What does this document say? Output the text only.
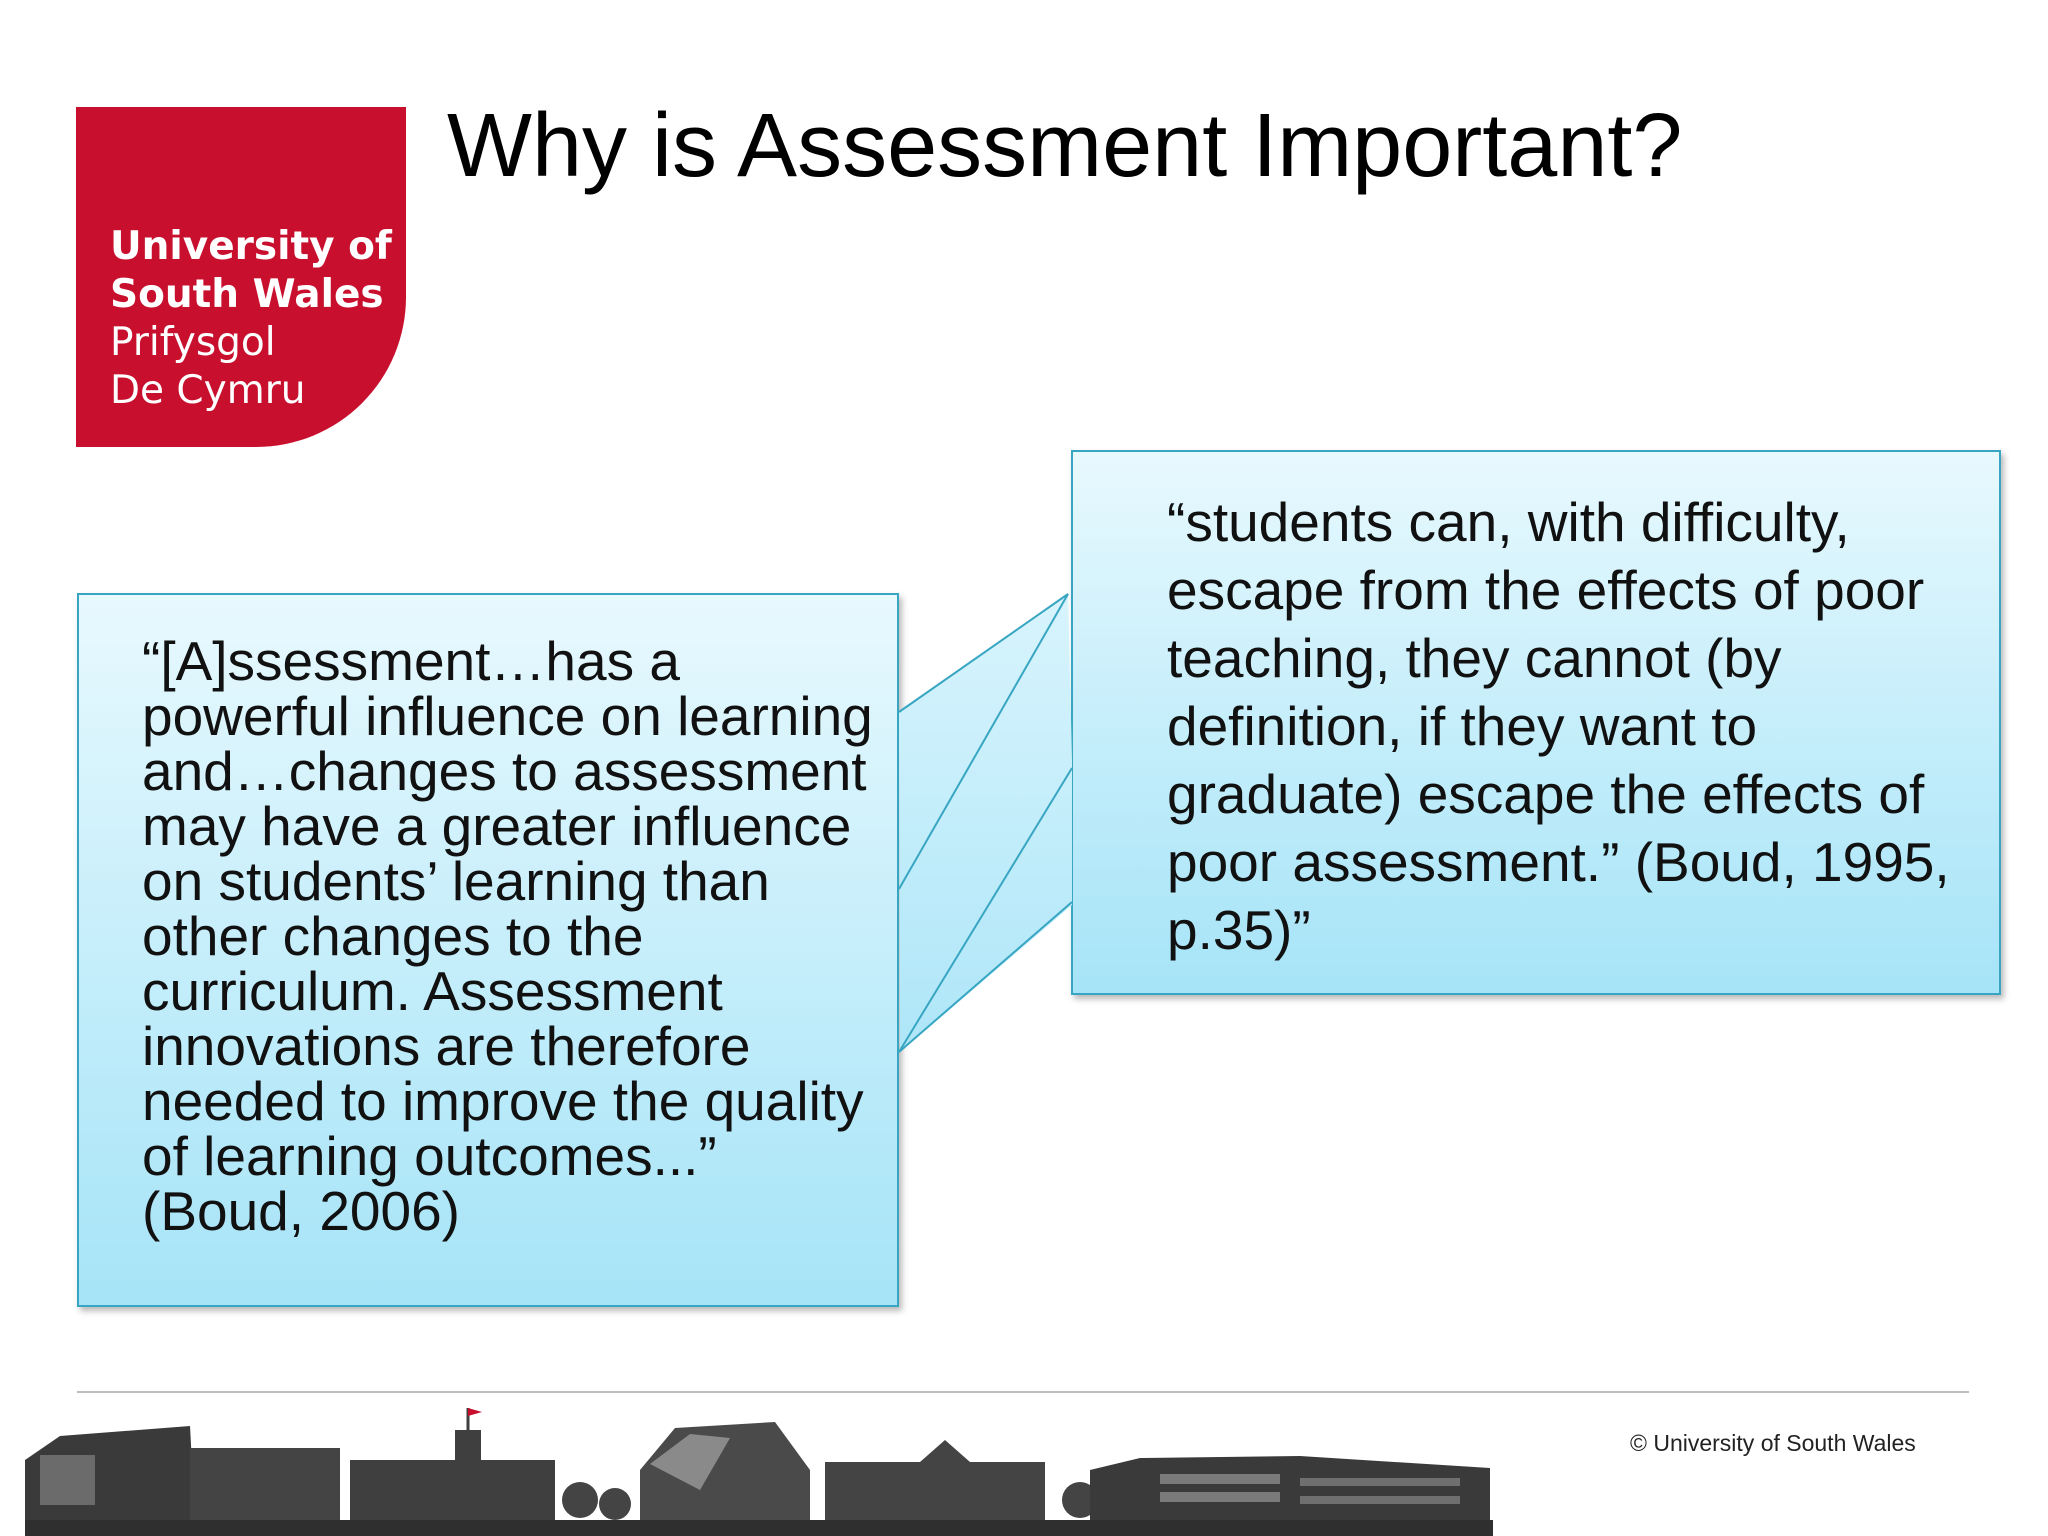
University of
South Wales
Prifysgol
De Cymru
Why is Assessment Important?

“[A]ssessment…has a powerful influence on learning and…changes to assessment may have a greater influence on students’ learning than other changes to the curriculum. Assessment innovations are therefore needed to improve the quality of learning outcomes...” (Boud, 2006)

“students can, with difficulty, escape from the effects of poor teaching, they cannot (by definition, if they want to graduate) escape the effects of poor assessment.” (Boud, 1995, p.35)”

© University of South Wales
